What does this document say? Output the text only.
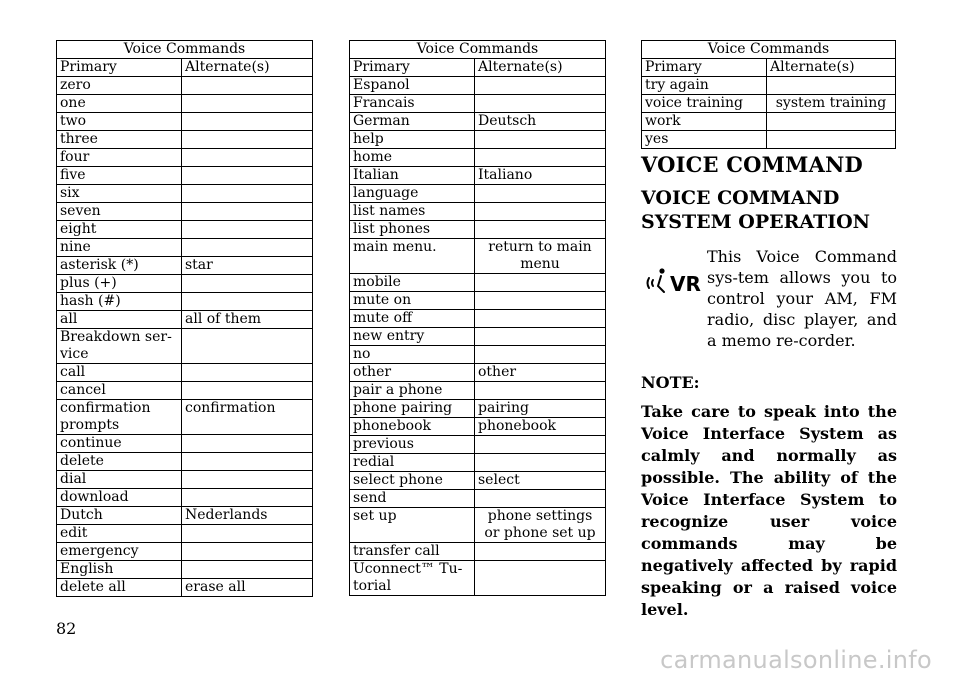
Voice Commands	
Primary	Alternate(s)
zero	
one	
two	
three	
four	
five	
six	
seven	
eight	
nine	
asterisk (*)	star
plus (+)	
hash (#)	
all	all of them
Breakdown ser-vice	
call	
cancel	
confirmation prompts	confirmation
continue	
delete	
dial	
download	
Dutch	Nederlands
edit	
emergency	
English	
delete all	erase all
Voice Commands	
Primary	Alternate(s)
Espanol	
Francais	
German	Deutsch
help	
home	
Italian	Italiano
language	
list names	
list phones	
main menu.	return to main menu
mobile	
mute on	
mute off	
new entry	
no	
other	other
pair a phone	
phone pairing	pairing
phonebook	phonebook
previous	
redial	
select phone	select
send	
set up	phone settings or phone set up
transfer call	
Uconnect™ Tu-torial	
Voice Commands	
Primary	Alternate(s)
try again	
voice training	system training
work	
yes	
VOICE COMMAND
VOICE COMMAND SYSTEM OPERATION
VR

This Voice Command sys-tem allows you to control your AM, FM radio, disc player, and a memo re-corder.

NOTE:

Take care to speak into the Voice Interface System as calmly and normally as possible. The ability of the Voice Interface System to recognize user voice commands may be negatively affected by rapid speaking or a raised voice level.

82
carmanualsonline.info
